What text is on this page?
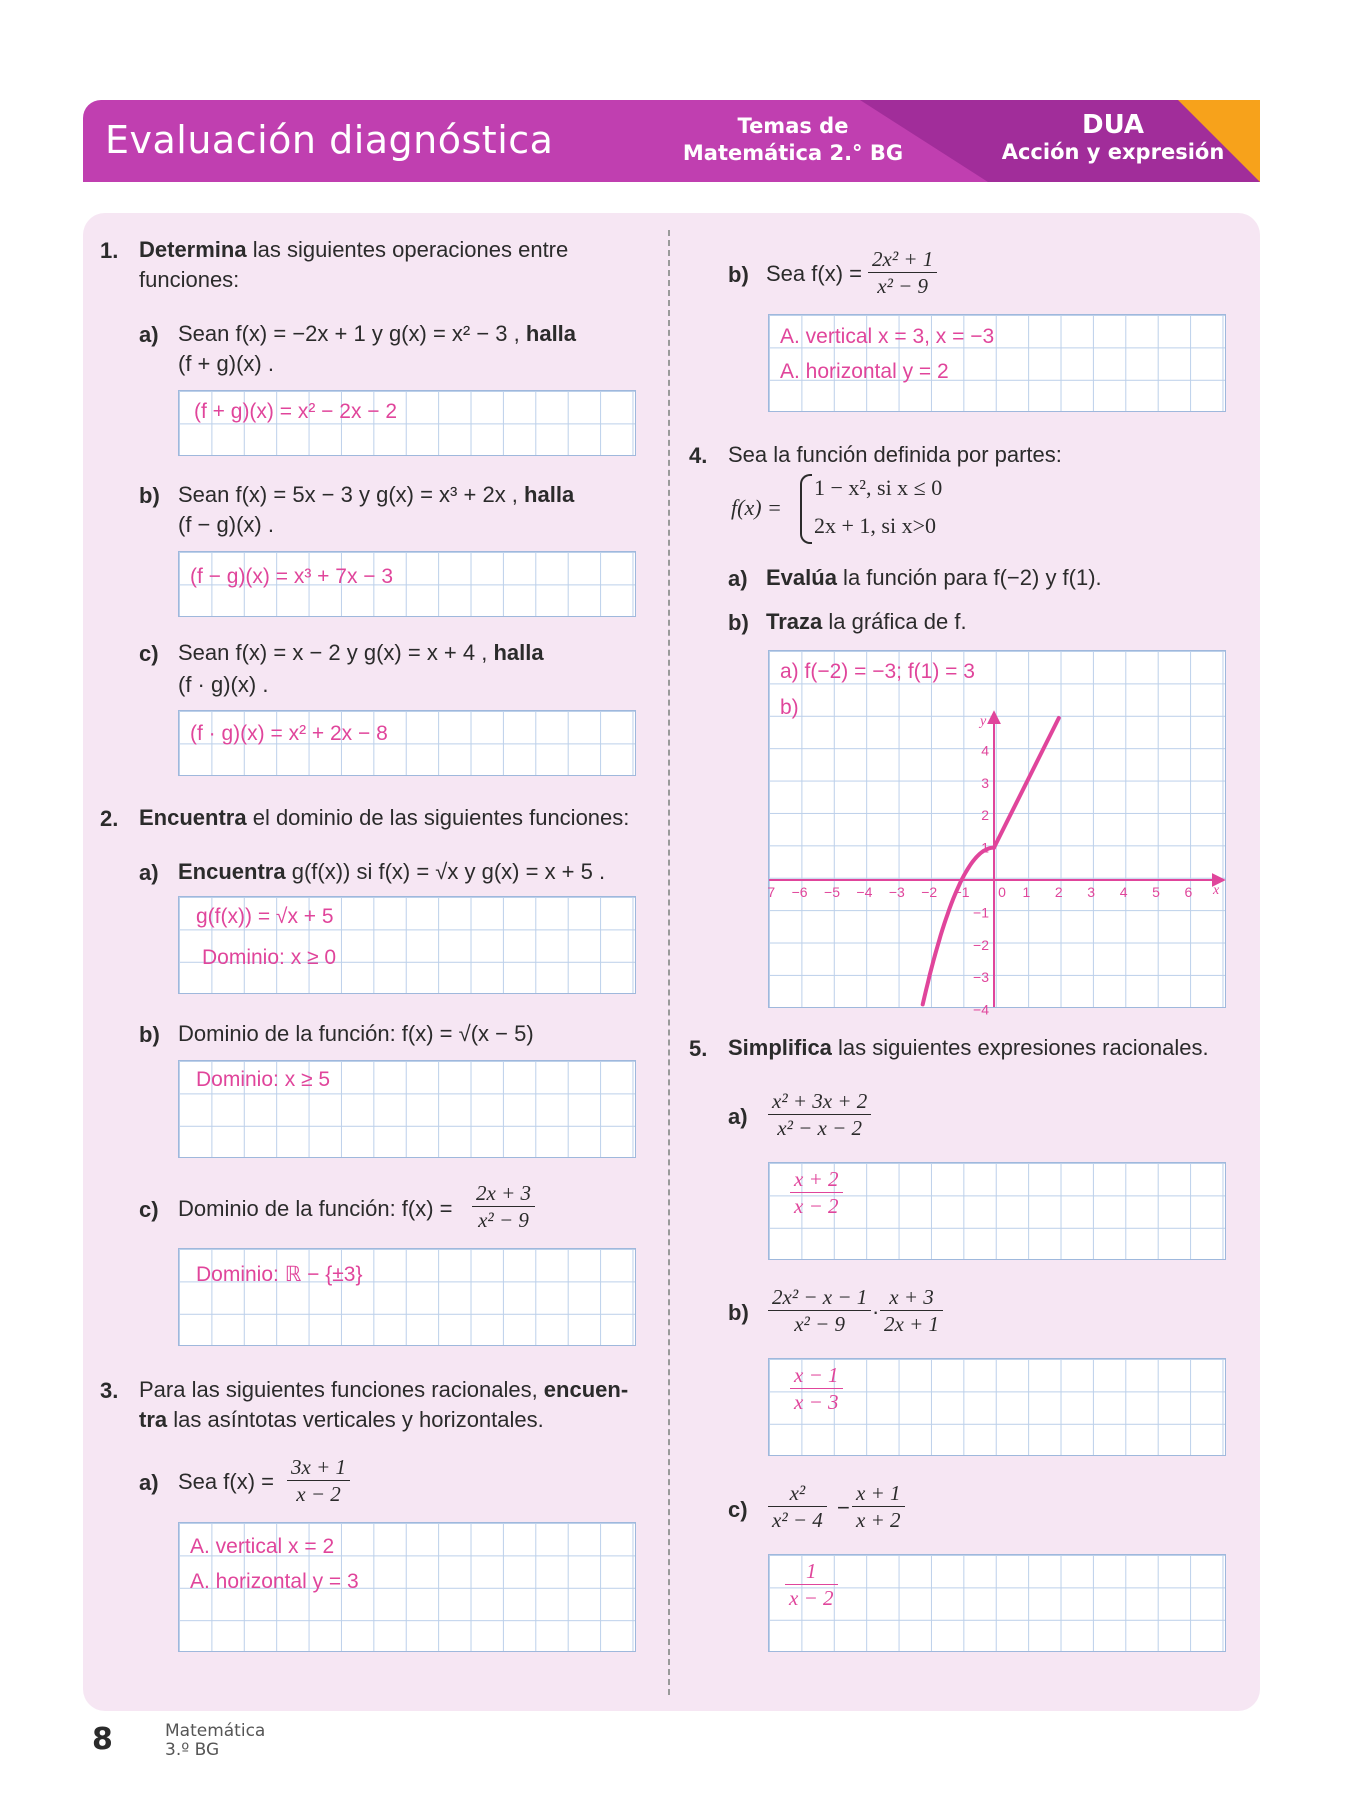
Evaluación diagnóstica	Temas de
Matemática 2.° BG
DUA
Acción y expresión
1. Determina las siguientes operaciones entre
funciones:
a) Sean f(x) = −2x + 1 y g(x) = x² − 3 , halla
(f + g)(x) .
(f + g)(x) = x² − 2x − 2
b) Sean f(x) = 5x − 3 y g(x) = x³ + 2x , halla
(f − g)(x) .
(f − g)(x) = x³ + 7x − 3
c) Sean f(x) = x − 2 y g(x) = x + 4 , halla
(f · g)(x) .
(f · g)(x) = x² + 2x − 8
2. Encuentra el dominio de las siguientes funciones:
a) Encuentra g(f(x)) si f(x) = √x y g(x) = x + 5 .
g(f(x)) = √x + 5
Dominio: x ≥ 0
b) Dominio de la función: f(x) = √(x − 5)
Dominio: x ≥ 5
c) Dominio de la función: $f(x) = \frac{2x + 3}{\text{x² − 9}}$
Dominio: ℝ − {±3}
3. Para las siguientes funciones racionales, encuen-
tra las asíntotas verticales y horizontales.
a) Sea $f(x) = \frac{3x + 1}{x - 2}$
A. vertical x = 2
A. horizontal y = 3
b) Sea $f(x) = \frac{\text{2x² + 1}}{\text{x² − 9}}$
A. vertical x = 3, x = −3
A. horizontal y = 2
4. Sea la función definida por partes:
f(x) =
1 − x², si x ≤ 0
2x + 1, si x>0
a) Evalúa la función para f(−2) y f(1).
b) Traza la gráfica de f.
x
y
7 −6 −5 −4 −3 −2 −1 0 1 2 3 4 5 6
4
3
2
1
−1
−2
−3
−4
a) f(−2) = −3; f(1) = 3
b)
5. Simplifica las siguientes expresiones racionales.
$a) \frac{\text{x² + 3x + 2}}{\text{x² − x − 2}}$
$\frac{x + 2}{x - 2}$
$b) \frac{\text{2x² − x − 1}}{\text{x² − 9}} \cdot \frac{x + 3}{2x + 1}$
$\frac{x - 1}{x - 3}$
$c) \frac{\text{x²}}{\text{x² − 4}} - \frac{x + 1}{x + 2}$
$\frac{1}{x - 2}$
8	Matemática
3.º BG
